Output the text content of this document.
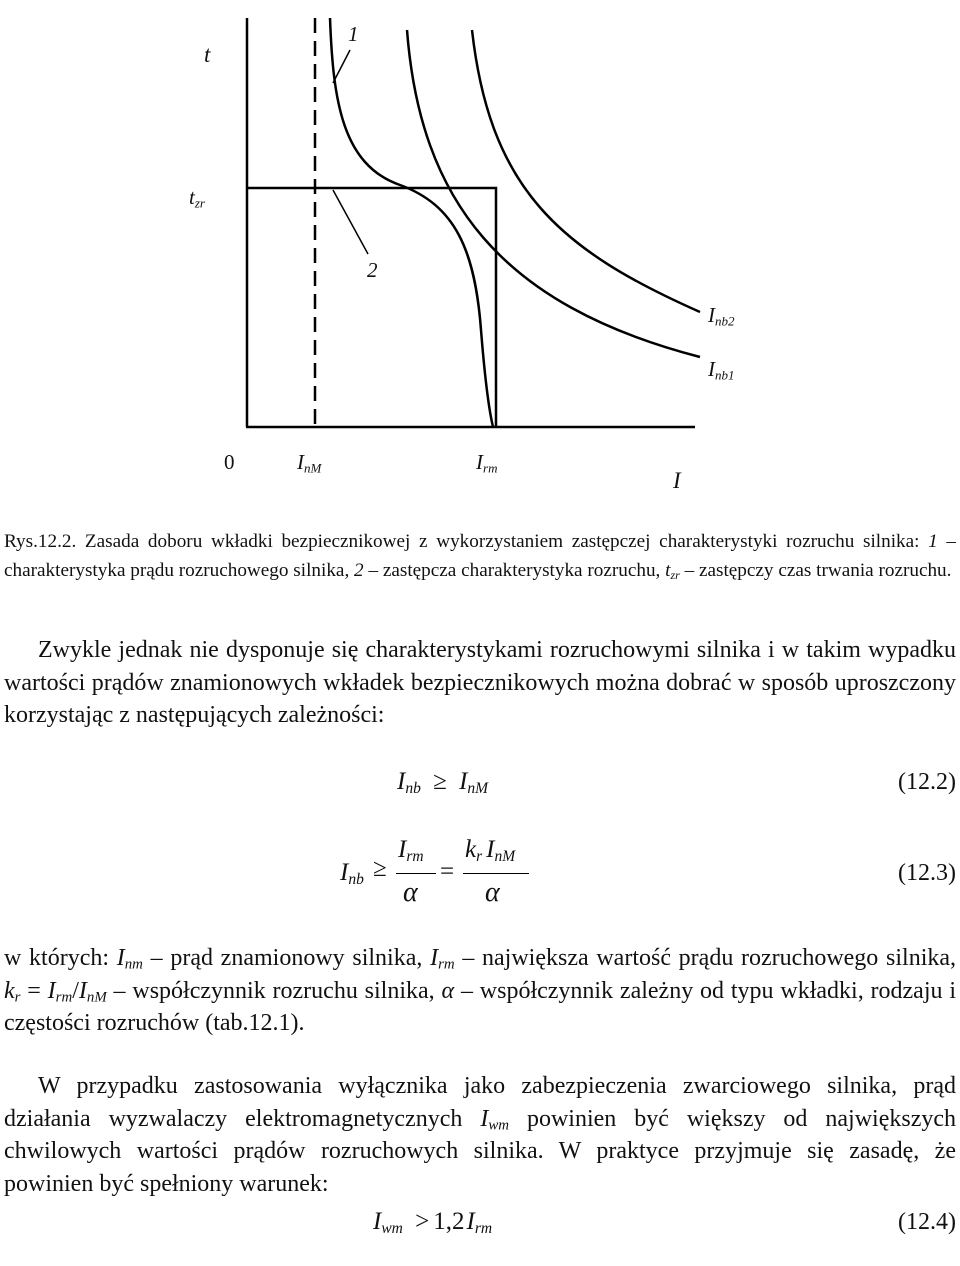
t
1
$t_{zr}$
2
$I_{nb2}$
$I_{nb1}$
0	$I_{nM}$	$I_{rm}$
I
Rys.12.2. Zasada doboru wkładki bezpiecznikowej z wykorzystaniem zastępczej charakterystyki rozruchu silnika: 1 – charakterystyka prądu rozruchowego silnika, 2 – zastępcza charakterystyka rozruchu, $t_{zr}$ – zastępczy czas trwania rozruchu.
Zwykle jednak nie dysponuje się charakterystykami rozruchowymi silnika i w takim wypadku wartości prądów znamionowych wkładek bezpiecznikowych można dobrać w sposób uproszczony korzystając z następujących zależności:
$I_{nb} \ge I_{nM}$	(12.2)
$I_{nb}$ ≥
$I_{rm}$
α
=
$k_r$ $I_{nM}$
α
(12.3)
w których: $I_{nm}$ – prąd znamionowy silnika, $I_{rm}$ – największa wartość prądu rozruchowego silnika, $k_r = I_{rm}/I_{nM}$ – współczynnik rozruchu silnika, α – współczynnik zależny od typu wkładki, rodzaju i częstości rozruchów (tab.12.1).
W przypadku zastosowania wyłącznika jako zabezpieczenia zwarciowego silnika, prąd działania wyzwalaczy elektromagnetycznych $I_{wm}$ powinien być większy od największych chwilowych wartości prądów rozruchowych silnika. W praktyce przyjmuje się zasadę, że powinien być spełniony warunek:
$I_{wm} > 1,2I_{rm}$	(12.4)
